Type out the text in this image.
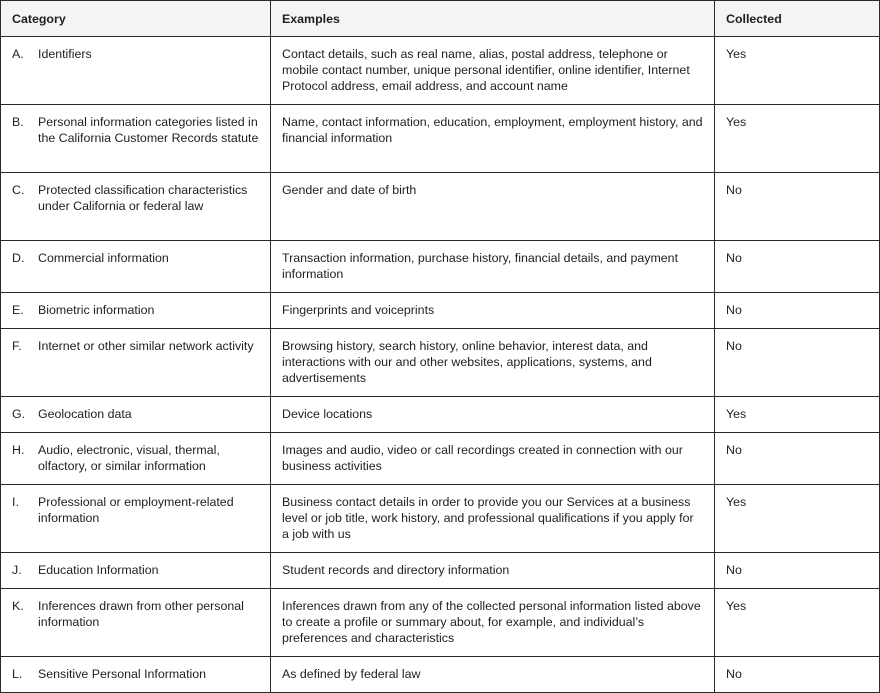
Category	Examples	Collected

A. Identifiers	Contact details, such as real name, alias, postal address, telephone or mobile contact number, unique personal identifier, online identifier, Internet Protocol address, email address, and account name	Yes

B. Personal information categories listed in the California Customer Records statute	Name, contact information, education, employment, employment history, and financial information	Yes

C. Protected classification characteristics under California or federal law	Gender and date of birth	No

D. Commercial information	Transaction information, purchase history, financial details, and payment information	No

E. Biometric information	Fingerprints and voiceprints	No

F. Internet or other similar network activity	Browsing history, search history, online behavior, interest data, and interactions with our and other websites, applications, systems, and advertisements	No

G. Geolocation data	Device locations	Yes

H. Audio, electronic, visual, thermal, olfactory, or similar information	Images and audio, video or call recordings created in connection with our business activities	No

I. Professional or employment-related information	Business contact details in order to provide you our Services at a business level or job title, work history, and professional qualifications if you apply for a job with us	Yes

J. Education Information	Student records and directory information	No

K. Inferences drawn from other personal information	Inferences drawn from any of the collected personal information listed above to create a profile or summary about, for example, and individual’s preferences and characteristics	Yes

L. Sensitive Personal Information	As defined by federal law	No
